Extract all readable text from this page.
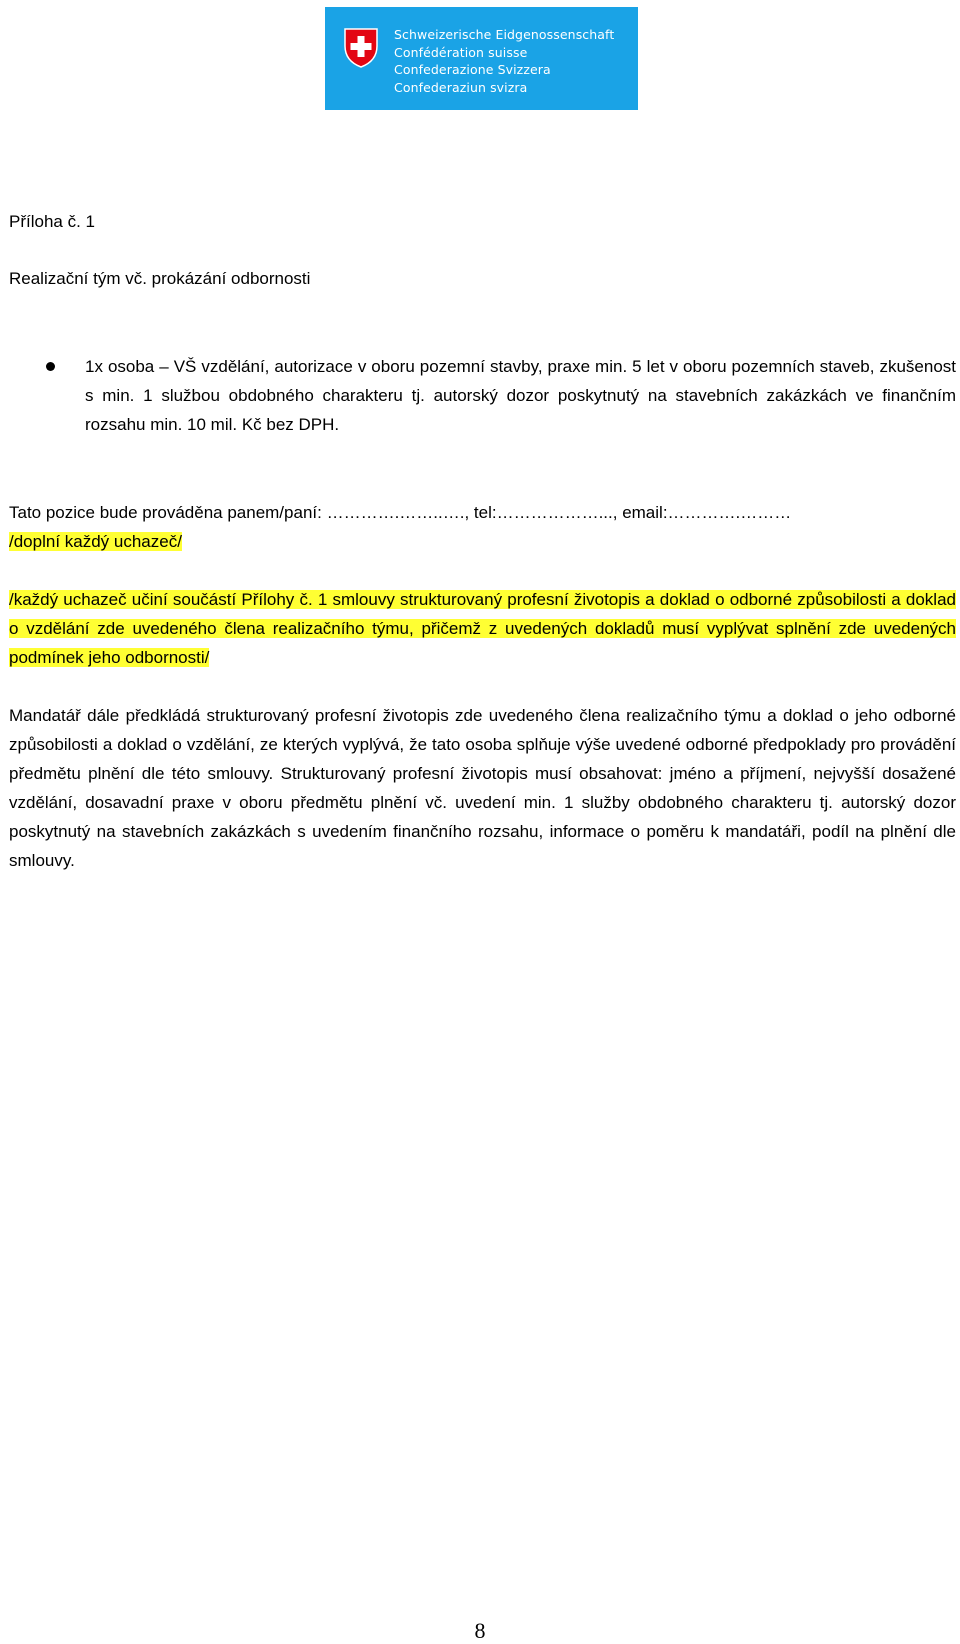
Schweizerische Eidgenossenschaft
Confédération suisse
Confederazione Svizzera
Confederaziun svizra
Příloha č. 1
Realizační tým vč. prokázání odbornosti
1x osoba – VŠ vzdělání, autorizace v oboru pozemní stavby, praxe min. 5 let v oboru pozemních staveb, zkušenost s min. 1 službou obdobného charakteru tj. autorský dozor poskytnutý na stavebních zakázkách ve finančním rozsahu min. 10 mil. Kč bez DPH.
Tato pozice bude prováděna panem/paní: ………….……..…., tel:………………..., email:………….………
/doplní každý uchazeč/
/každý uchazeč učiní součástí Přílohy č. 1 smlouvy strukturovaný profesní životopis a doklad o odborné způsobilosti a doklad o vzdělání zde uvedeného člena realizačního týmu, přičemž z uvedených dokladů musí vyplývat splnění zde uvedených podmínek jeho odbornosti/
Mandatář dále předkládá strukturovaný profesní životopis zde uvedeného člena realizačního týmu a doklad o jeho odborné způsobilosti a doklad o vzdělání, ze kterých vyplývá, že tato osoba splňuje výše uvedené odborné předpoklady pro provádění předmětu plnění dle této smlouvy. Strukturovaný profesní životopis musí obsahovat: jméno a příjmení, nejvyšší dosažené vzdělání, dosavadní praxe v oboru předmětu plnění vč. uvedení min. 1 služby obdobného charakteru tj. autorský dozor poskytnutý na stavebních zakázkách s uvedením finančního rozsahu, informace o poměru k mandatáři, podíl na plnění dle smlouvy.
8
